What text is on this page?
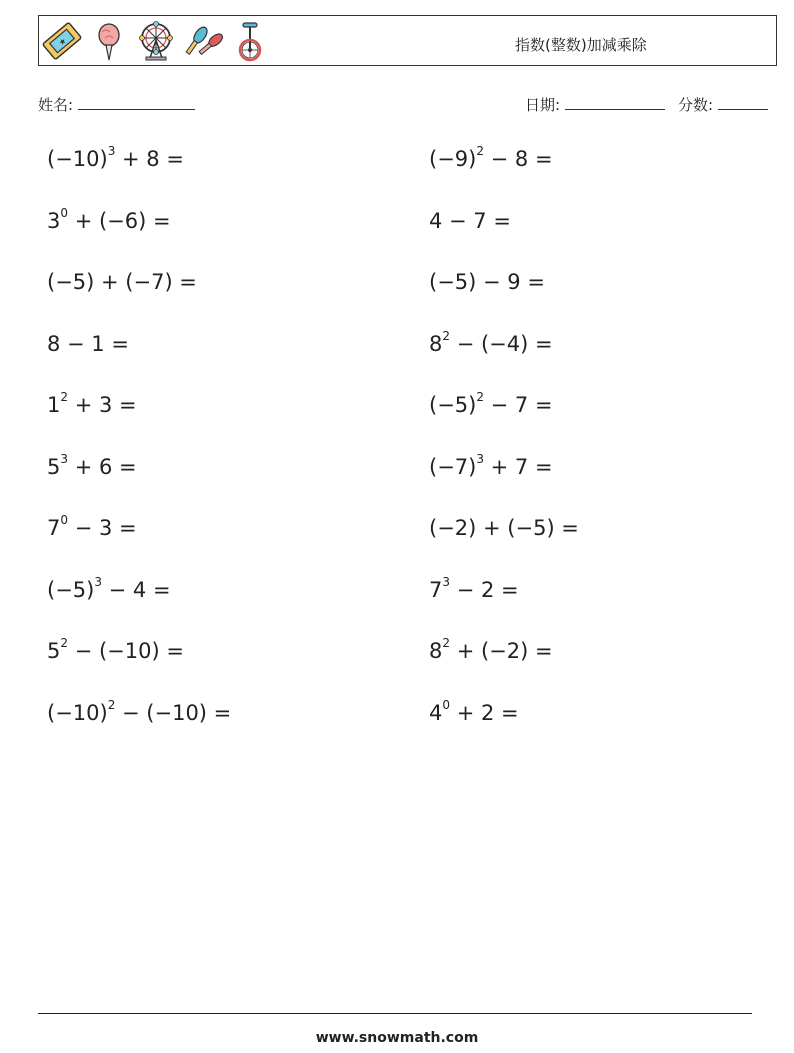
★	指数(整数)加减乘除
姓名:	日期:	分数:
$(-10)^3 + 8$ =
$3^0 + (-6)$ =
(−5) + (−7) =
8 − 1 =
$1^2 + 3$ =
$5^3 + 6$ =
$7^0 - 3$ =
$(-5)^3 - 4$ =
$5^2 - (-10)$ =
$(-10)^2 - (-10)$ =
$(-9)^2 - 8$ =
4 − 7 =
(−5) − 9 =
$8^2 - (-4)$ =
$(-5)^2 - 7$ =
$(-7)^3 + 7$ =
(−2) + (−5) =
$7^3 - 2$ =
$8^2 + (-2)$ =
$4^0 + 2$ =
www.snowmath.com
